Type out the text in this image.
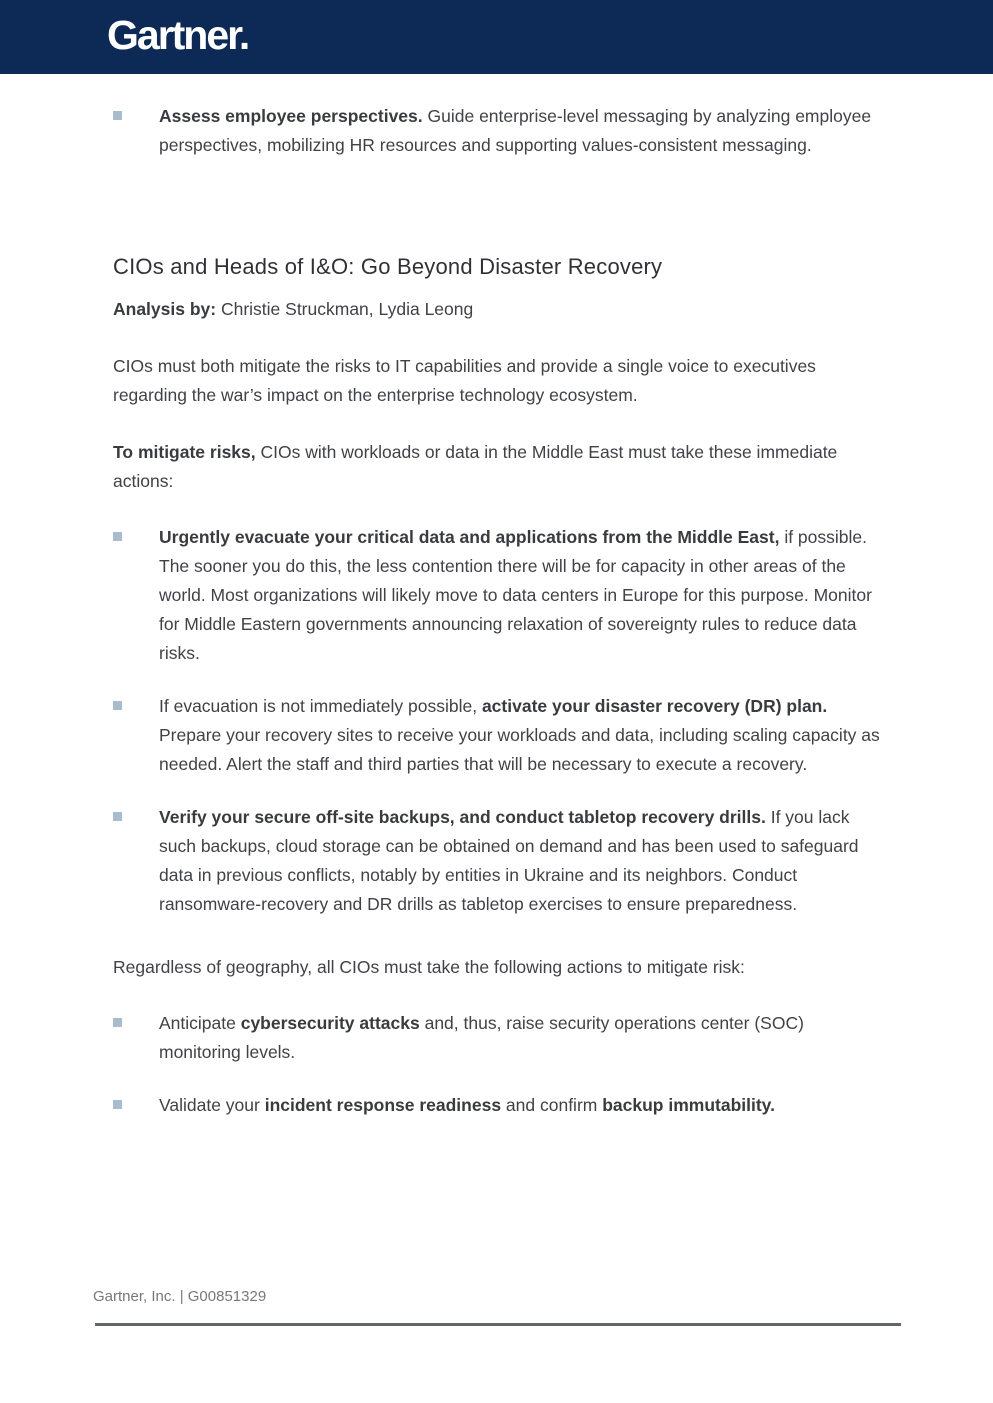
Gartner.
Assess employee perspectives. Guide enterprise-level messaging by analyzing employee perspectives, mobilizing HR resources and supporting values-consistent messaging.
CIOs and Heads of I&O: Go Beyond Disaster Recovery

Analysis by: Christie Struckman, Lydia Leong

CIOs must both mitigate the risks to IT capabilities and provide a single voice to executives regarding the war’s impact on the enterprise technology ecosystem.

To mitigate risks, CIOs with workloads or data in the Middle East must take these immediate actions:

Urgently evacuate your critical data and applications from the Middle East, if possible. The sooner you do this, the less contention there will be for capacity in other areas of the world. Most organizations will likely move to data centers in Europe for this purpose. Monitor for Middle Eastern governments announcing relaxation of sovereignty rules to reduce data risks.
If evacuation is not immediately possible, activate your disaster recovery (DR) plan. Prepare your recovery sites to receive your workloads and data, including scaling capacity as needed. Alert the staff and third parties that will be necessary to execute a recovery.
Verify your secure off-site backups, and conduct tabletop recovery drills. If you lack such backups, cloud storage can be obtained on demand and has been used to safeguard data in previous conflicts, notably by entities in Ukraine and its neighbors. Conduct ransomware-recovery and DR drills as tabletop exercises to ensure preparedness.

Regardless of geography, all CIOs must take the following actions to mitigate risk:

Anticipate cybersecurity attacks and, thus, raise security operations center (SOC) monitoring levels.
Validate your incident response readiness and confirm backup immutability.
Gartner, Inc. | G00851329
